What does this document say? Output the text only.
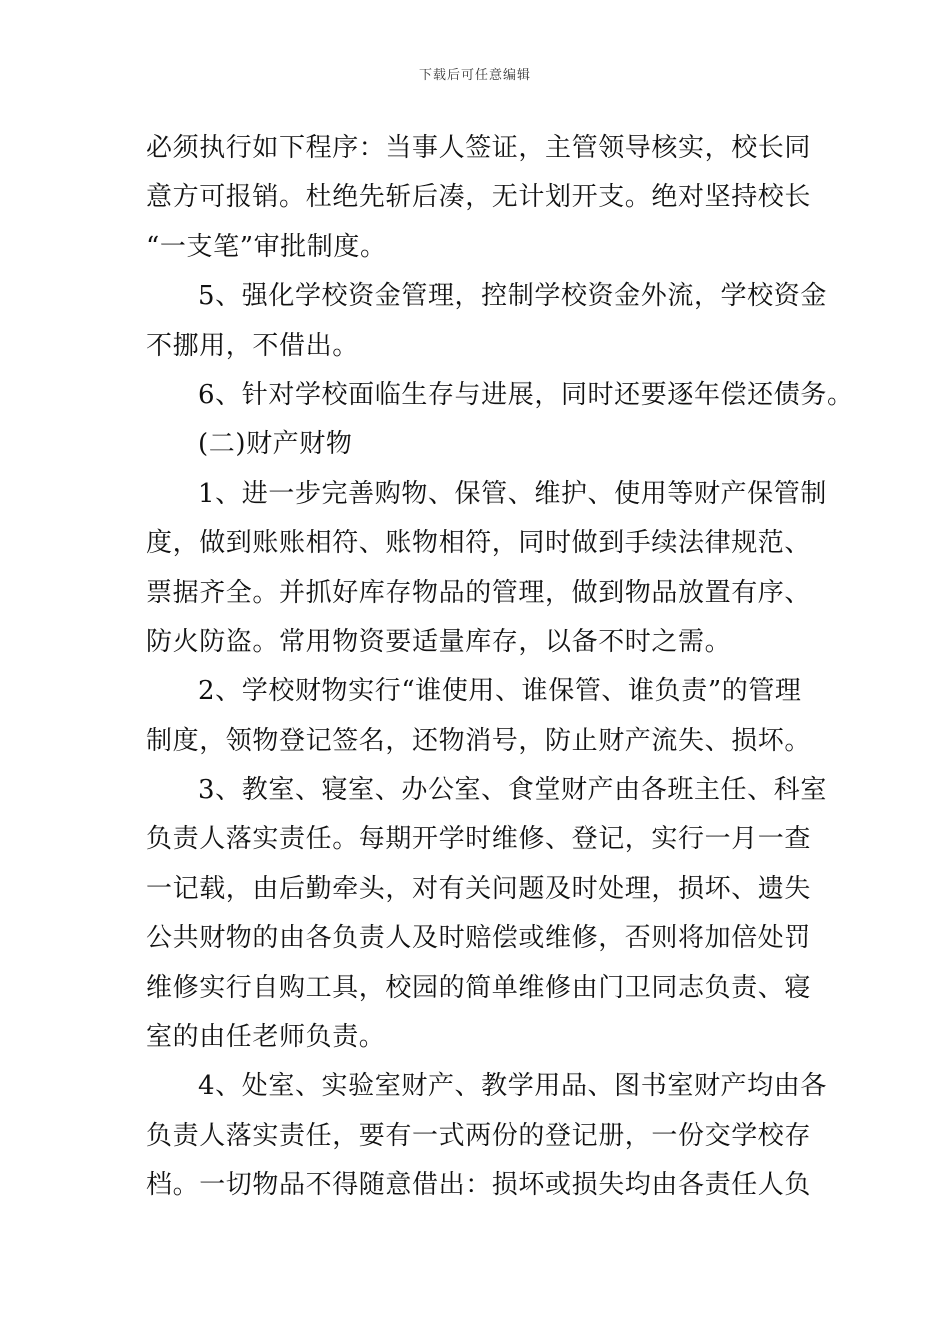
下载后可任意编辑
必须执行如下程序：当事人签证，主管领导核实，校长同
意方可报销。杜绝先斩后凑，无计划开支。绝对坚持校长
“一支笔”审批制度。
5、强化学校资金管理，控制学校资金外流，学校资金
不挪用，不借出。
6、针对学校面临生存与进展，同时还要逐年偿还债务。
(二)财产财物
1、进一步完善购物、保管、维护、使用等财产保管制
度，做到账账相符、账物相符，同时做到手续法律规范、
票据齐全。并抓好库存物品的管理，做到物品放置有序、
防火防盗。常用物资要适量库存，以备不时之需。
2、学校财物实行“谁使用、谁保管、谁负责”的管理
制度，领物登记签名，还物消号，防止财产流失、损坏。
3、教室、寝室、办公室、食堂财产由各班主任、科室
负责人落实责任。每期开学时维修、登记，实行一月一查
一记载，由后勤牵头，对有关问题及时处理，损坏、遗失
公共财物的由各负责人及时赔偿或维修，否则将加倍处罚
维修实行自购工具，校园的简单维修由门卫同志负责、寝
室的由任老师负责。
4、处室、实验室财产、教学用品、图书室财产均由各
负责人落实责任，要有一式两份的登记册，一份交学校存
档。一切物品不得随意借出：损坏或损失均由各责任人负
